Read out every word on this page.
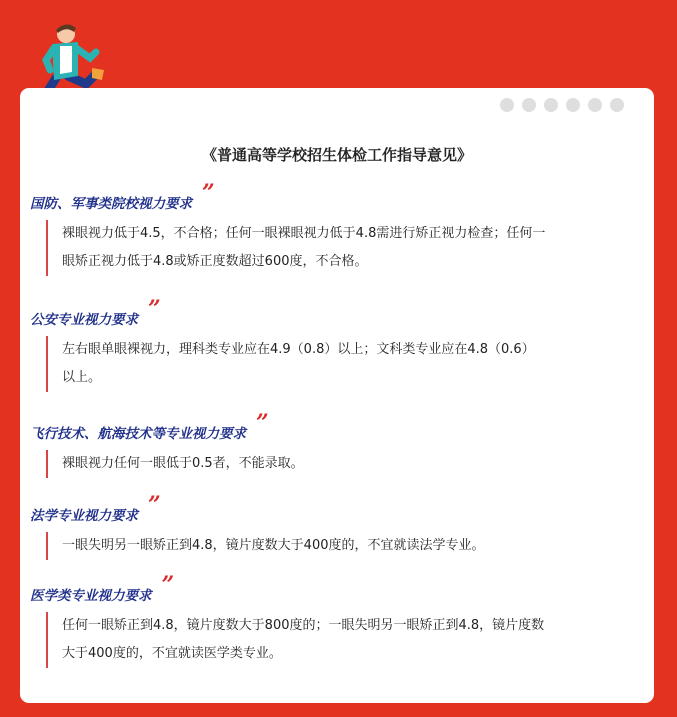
《普通高等学校招生体检工作指导意见》
国防、军事类院校视力要求 ”
裸眼视力低于4.5，不合格；任何一眼裸眼视力低于4.8需进行矫正视力检查；任何一
眼矫正视力低于4.8或矫正度数超过600度，不合格。
公安专业视力要求 ”
左右眼单眼裸视力，理科类专业应在4.9（0.8）以上；文科类专业应在4.8（0.6）
以上。
飞行技术、航海技术等专业视力要求 ”
裸眼视力任何一眼低于0.5者，不能录取。
法学专业视力要求 ”
一眼失明另一眼矫正到4.8，镜片度数大于400度的，不宜就读法学专业。
医学类专业视力要求 ”
任何一眼矫正到4.8，镜片度数大于800度的；一眼失明另一眼矫正到4.8，镜片度数
大于400度的，不宜就读医学类专业。
